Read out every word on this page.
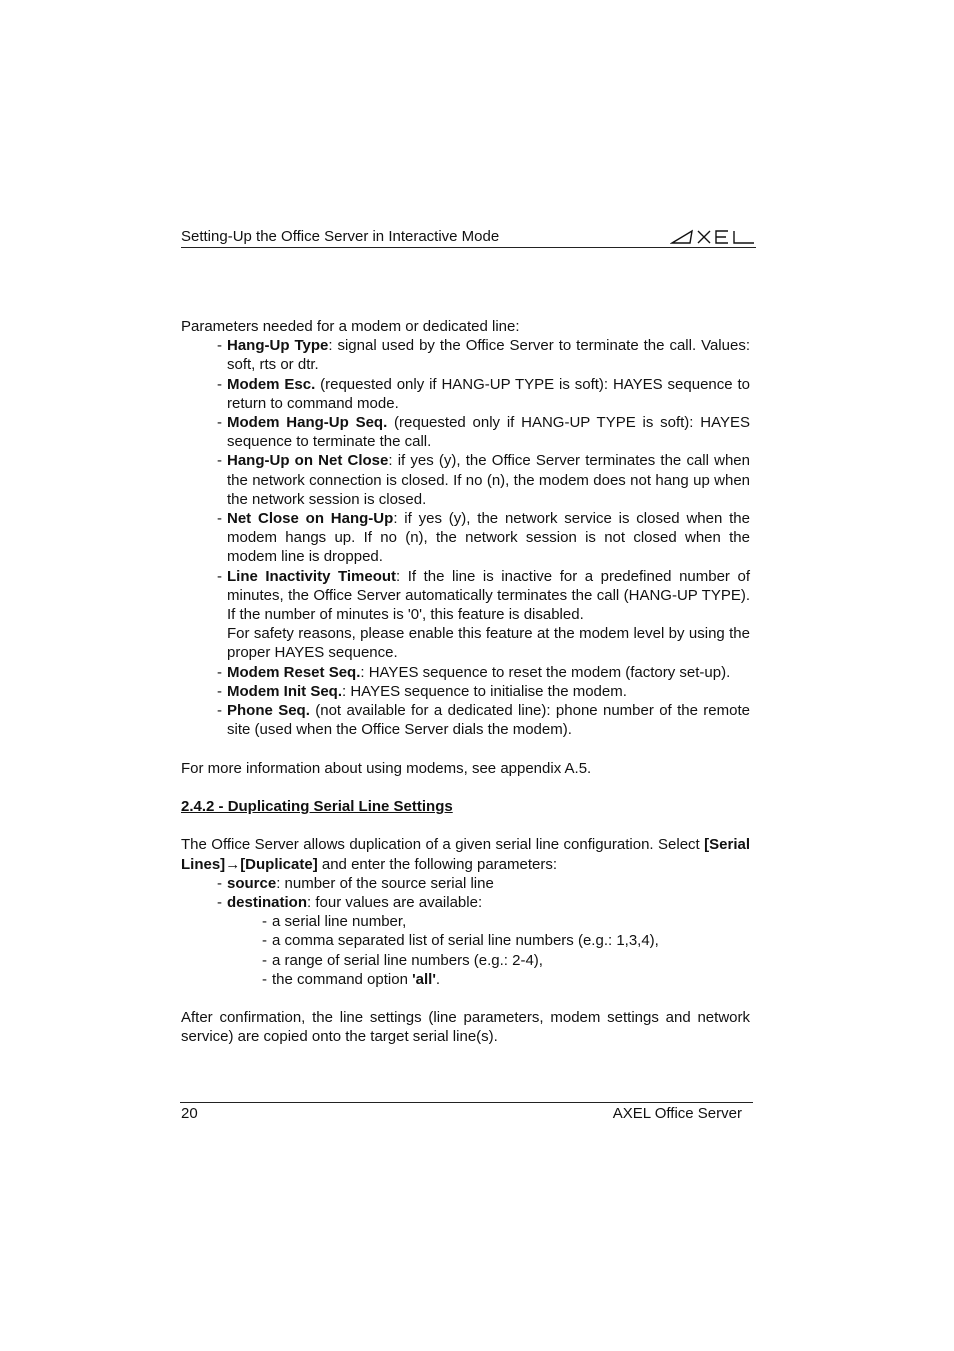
Setting-Up the Office Server in Interactive Mode

Parameters needed for a modem or dedicated line:

- Hang-Up Type: signal used by the Office Server to terminate the call. Values: soft, rts or dtr.
- Modem Esc. (requested only if HANG-UP TYPE is soft): HAYES sequence to return to command mode.
- Modem Hang-Up Seq. (requested only if HANG-UP TYPE is soft): HAYES sequence to terminate the call.
- Hang-Up on Net Close: if yes (y), the Office Server terminates the call when the network connection is closed. If no (n), the modem does not hang up when the network session is closed.
- Net Close on Hang-Up: if yes (y), the network service is closed when the modem hangs up. If no (n), the network session is not closed when the modem line is dropped.
- Line Inactivity Timeout: If the line is inactive for a predefined number of minutes, the Office Server automatically terminates the call (HANG-UP TYPE). If the number of minutes is '0', this feature is disabled.

For safety reasons, please enable this feature at the modem level by using the proper HAYES sequence.

- Modem Reset Seq.: HAYES sequence to reset the modem (factory set-up).
- Modem Init Seq.: HAYES sequence to initialise the modem.
- Phone Seq. (not available for a dedicated line): phone number of the remote site (used when the Office Server dials the modem).

For more information about using modems, see appendix A.5.

2.4.2 - Duplicating Serial Line Settings

The Office Server allows duplication of a given serial line configuration. Select [Serial Lines]→[Duplicate] and enter the following parameters:

- source: number of the source serial line
- destination: four values are available:
- a serial line number,
- a comma separated list of serial line numbers (e.g.: 1,3,4),
- a range of serial line numbers (e.g.: 2-4),
- the command option 'all'.

After confirmation, the line settings (line parameters, modem settings and network service) are copied onto the target serial line(s).

20	AXEL Office Server
